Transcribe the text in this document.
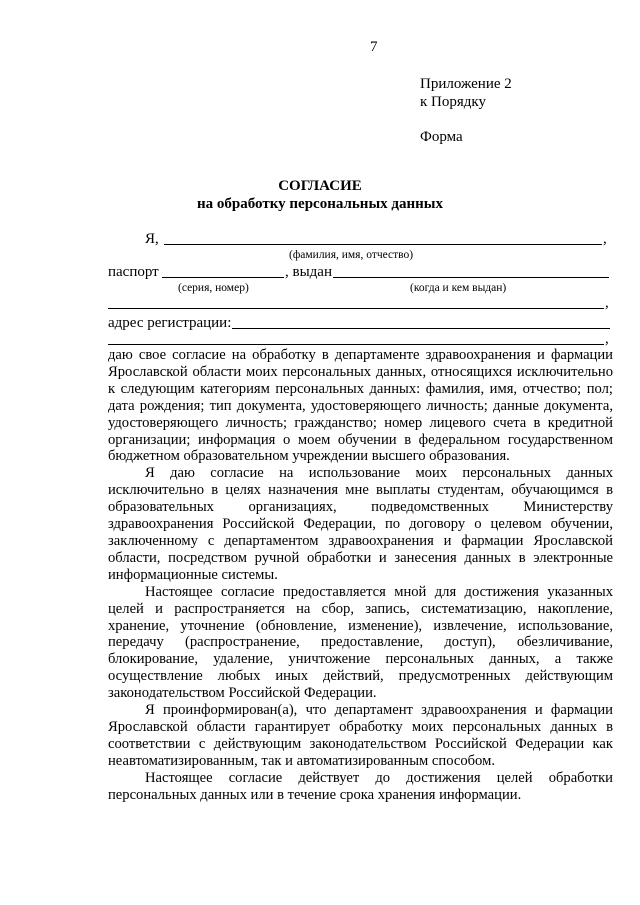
7
Приложение 2
к Порядку
Форма
СОГЛАСИЕ
на обработку персональных данных
Я,	,
(фамилия, имя, отчество)
паспорт	, выдан
(серия, номер)	(когда и кем выдан)
,
адрес регистрации:
,

даю свое согласие на обработку в департаменте здравоохранения и фармации Ярославской области моих персональных данных, относящихся исключительно к следующим категориям персональных данных: фамилия, имя, отчество; пол; дата рождения; тип документа, удостоверяющего личность; данные документа, удостоверяющего личность; гражданство; номер лицевого счета в кредитной организации; информация о моем обучении в федеральном государственном бюджетном образовательном учреждении высшего образования.

Я даю согласие на использование моих персональных данных исключительно в целях назначения мне выплаты студентам, обучающимся в образовательных организациях, подведомственных Министерству здравоохранения Российской Федерации, по договору о целевом обучении, заключенному с департаментом здравоохранения и фармации Ярославской области, посредством ручной обработки и занесения данных в электронные информационные системы.

Настоящее согласие предоставляется мной для достижения указанных целей и распространяется на сбор, запись, систематизацию, накопление, хранение, уточнение (обновление, изменение), извлечение, использование, передачу (распространение, предоставление, доступ), обезличивание, блокирование, удаление, уничтожение персональных данных, а также осуществление любых иных действий, предусмотренных действующим законодательством Российской Федерации.

Я проинформирован(а), что департамент здравоохранения и фармации Ярославской области гарантирует обработку моих персональных данных в соответствии с действующим законодательством Российской Федерации как неавтоматизированным, так и автоматизированным способом.

Настоящее согласие действует до достижения целей обработки персональных данных или в течение срока хранения информации.
